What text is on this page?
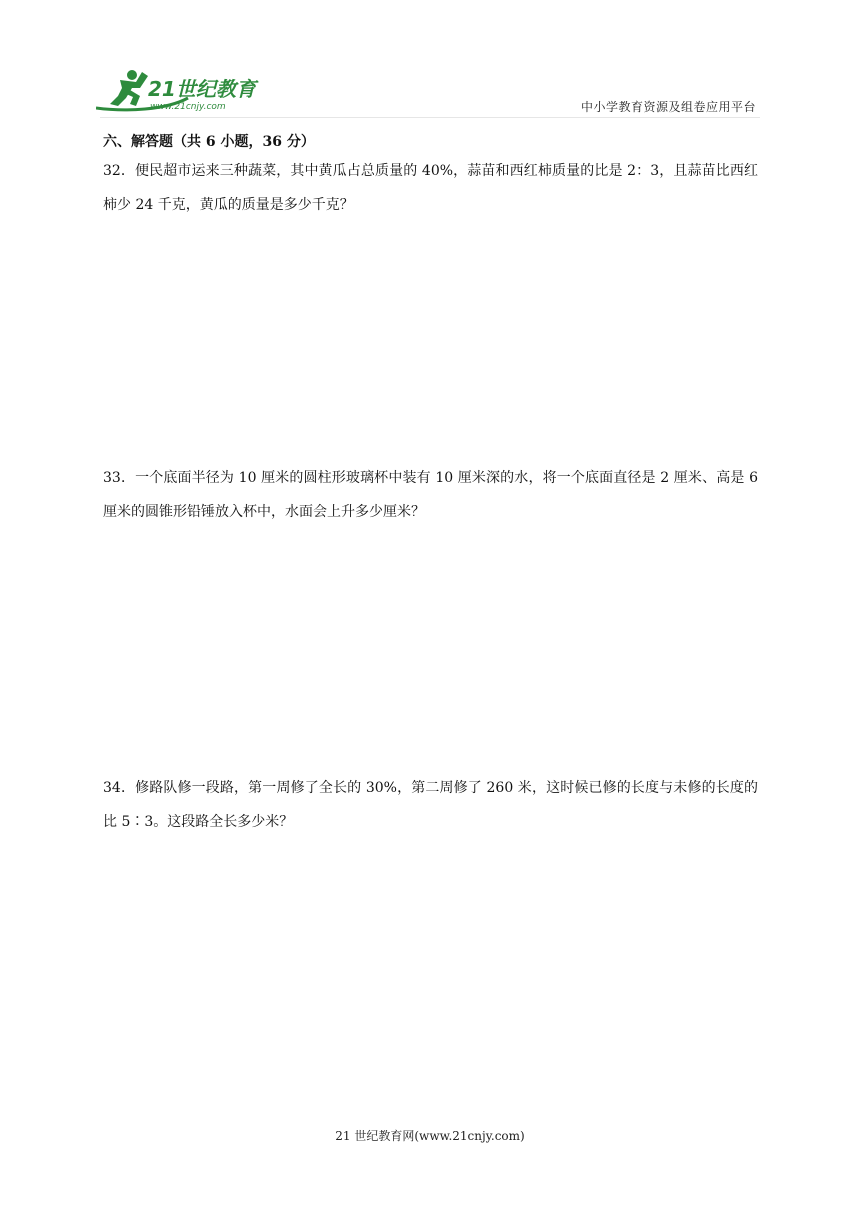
21世纪教育
www.21cnjy.com	中小学教育资源及组卷应用平台
六、解答题（共 6 小题，36 分）
32．便民超市运来三种蔬菜，其中黄瓜占总质量的 40%，蒜苗和西红柿质量的比是 2：3，且蒜苗比西红柿少 24 千克，黄瓜的质量是多少千克？
33．一个底面半径为 10 厘米的圆柱形玻璃杯中装有 10 厘米深的水，将一个底面直径是 2 厘米、高是 6 厘米的圆锥形铅锤放入杯中，水面会上升多少厘米？
34．修路队修一段路，第一周修了全长的 30%，第二周修了 260 米，这时候已修的长度与未修的长度的比 5∶3。这段路全长多少米？
21 世纪教育网(www.21cnjy.com)
